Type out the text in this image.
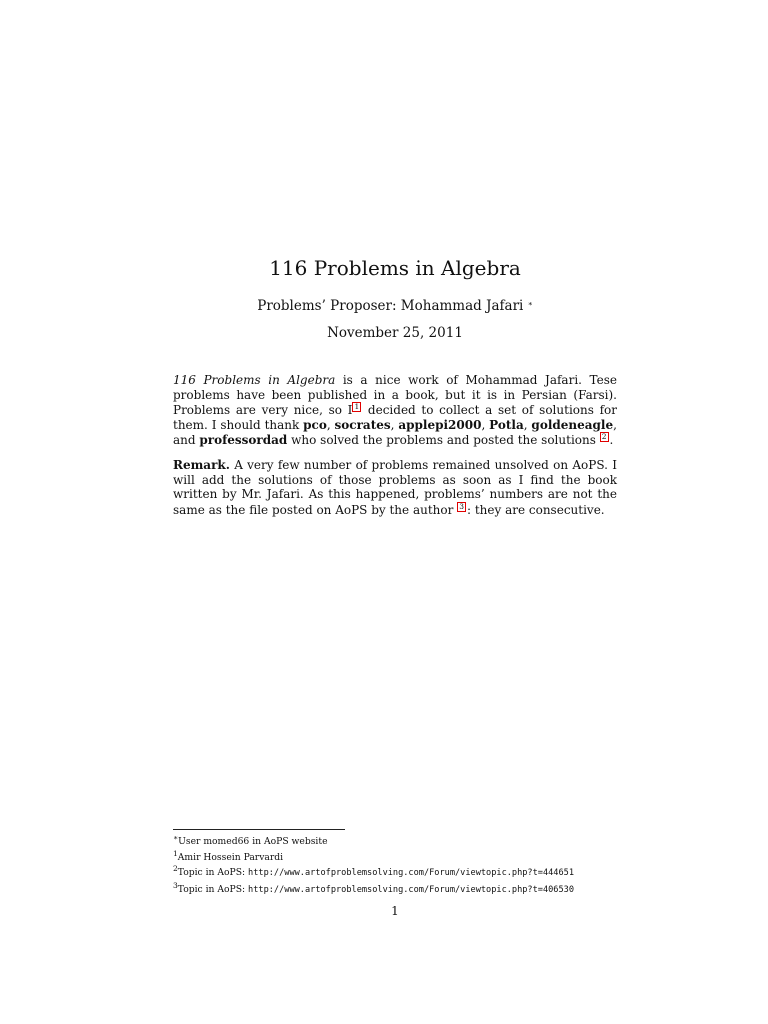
116 Problems in Algebra
Problems’ Proposer: Mohammad Jafari ∗
November 25, 2011

116 Problems in Algebra is a nice work of Mohammad Jafari. Tese problems have been published in a book, but it is in Persian (Farsi). Problems are very nice, so I 1 decided to collect a set of solutions for them. I should thank pco, socrates, applepi2000, Potla, goldeneagle, and professordad who solved the problems and posted the solutions 2 .

Remark. A very few number of problems remained unsolved on AoPS. I will add the solutions of those problems as soon as I find the book written by Mr. Jafari. As this happened, problems’ numbers are not the same as the file posted on AoPS by the author 3 : they are consecutive.

∗User momed66 in AoPS website
$^1$Amir Hossein Parvardi
$^2$Topic in AoPS: http://www.artofproblemsolving.com/Forum/viewtopic.php?t=444651
$^3$Topic in AoPS: http://www.artofproblemsolving.com/Forum/viewtopic.php?t=406530
1
